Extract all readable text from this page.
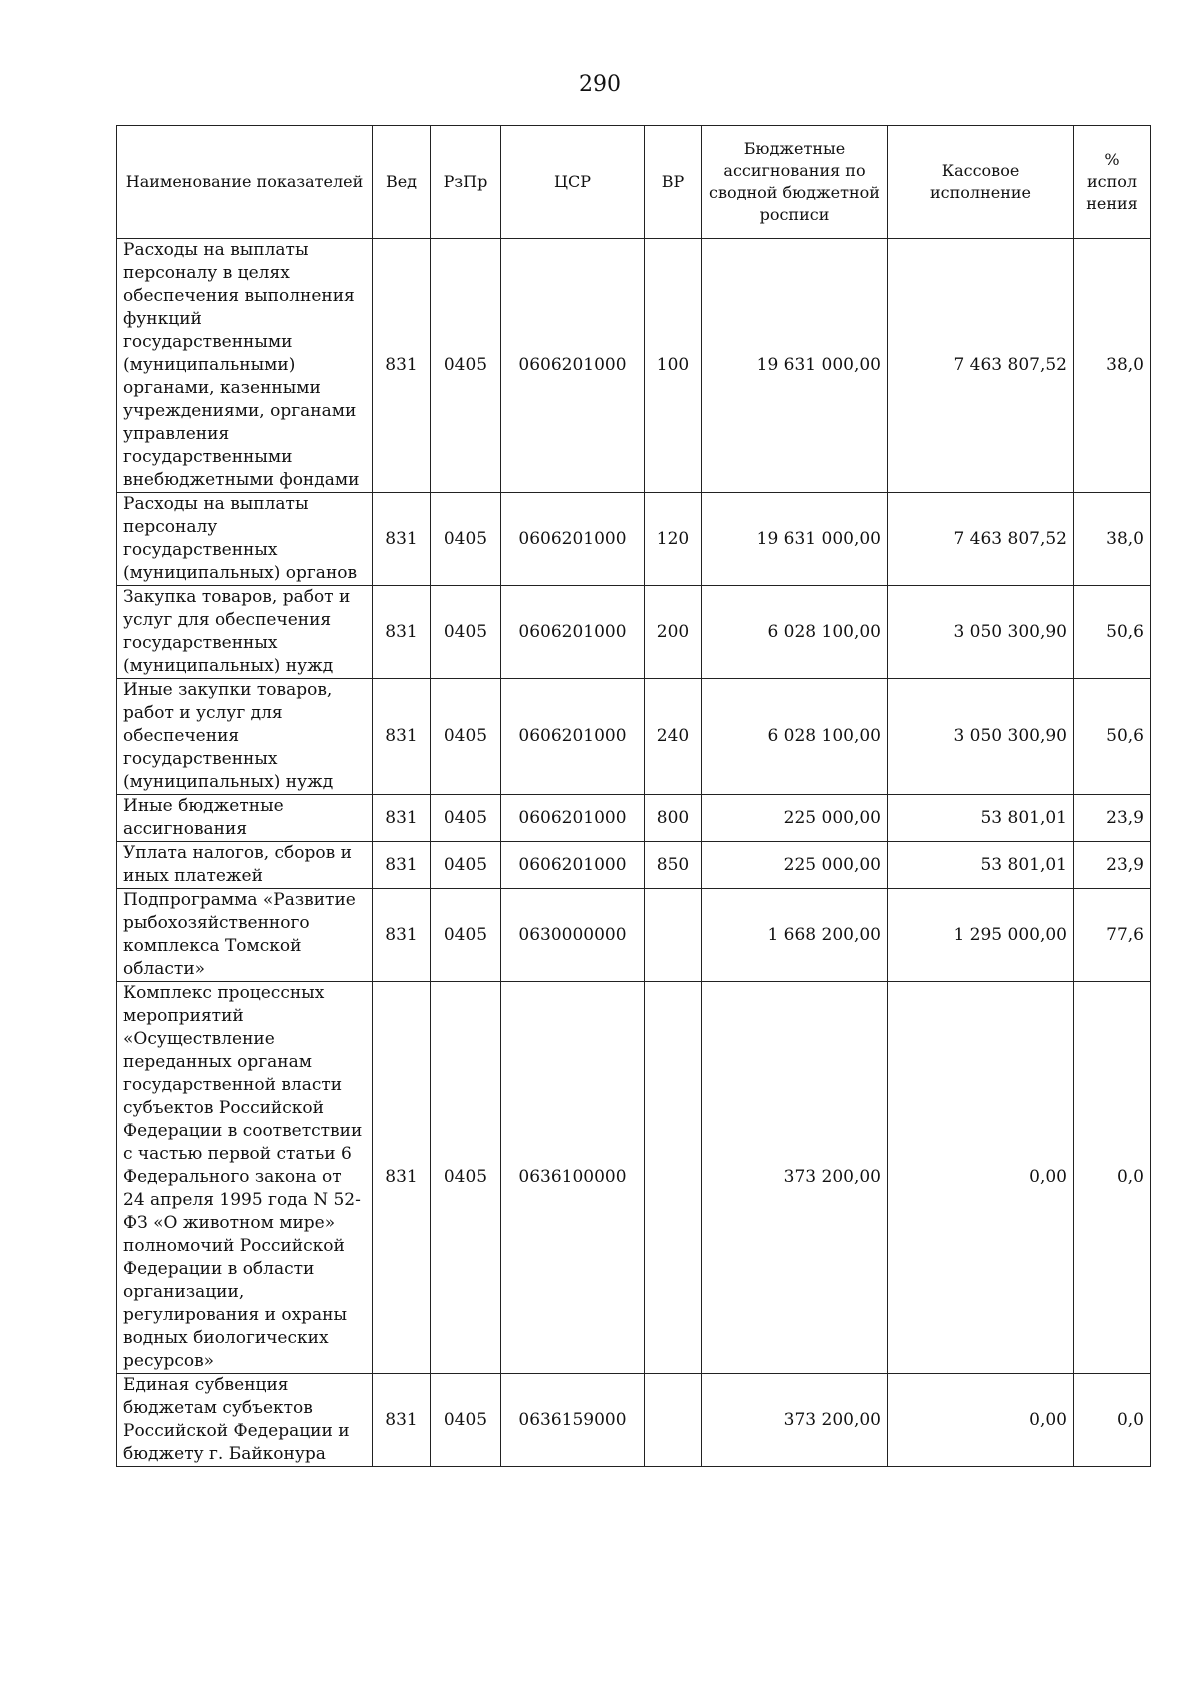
290
Наименование показателей	Вед	РзПр	ЦСР	ВР	Бюджетные ассигнования по сводной бюджетной росписи	Кассовое исполнение	% испол нения
Расходы на выплаты персоналу в целях обеспечения выполнения функций государственными (муниципальными) органами, казенными учреждениями, органами управления государственными внебюджетными фондами	831	0405	0606201000	100	19 631 000,00	7 463 807,52	38,0
Расходы на выплаты персоналу государственных (муниципальных) органов	831	0405	0606201000	120	19 631 000,00	7 463 807,52	38,0
Закупка товаров, работ и услуг для обеспечения государственных (муниципальных) нужд	831	0405	0606201000	200	6 028 100,00	3 050 300,90	50,6
Иные закупки товаров, работ и услуг для обеспечения государственных (муниципальных) нужд	831	0405	0606201000	240	6 028 100,00	3 050 300,90	50,6
Иные бюджетные ассигнования	831	0405	0606201000	800	225 000,00	53 801,01	23,9
Уплата налогов, сборов и иных платежей	831	0405	0606201000	850	225 000,00	53 801,01	23,9
Подпрограмма «Развитие рыбохозяйственного комплекса Томской области»	831	0405	0630000000		1 668 200,00	1 295 000,00	77,6
Комплекс процессных мероприятий «Осуществление переданных органам государственной власти субъектов Российской Федерации в соответствии с частью первой статьи 6 Федерального закона от 24 апреля 1995 года N 52-ФЗ «О животном мире» полномочий Российской Федерации в области организации, регулирования и охраны водных биологических ресурсов»	831	0405	0636100000		373 200,00	0,00	0,0
Единая субвенция бюджетам субъектов Российской Федерации и бюджету г. Байконура	831	0405	0636159000		373 200,00	0,00	0,0
